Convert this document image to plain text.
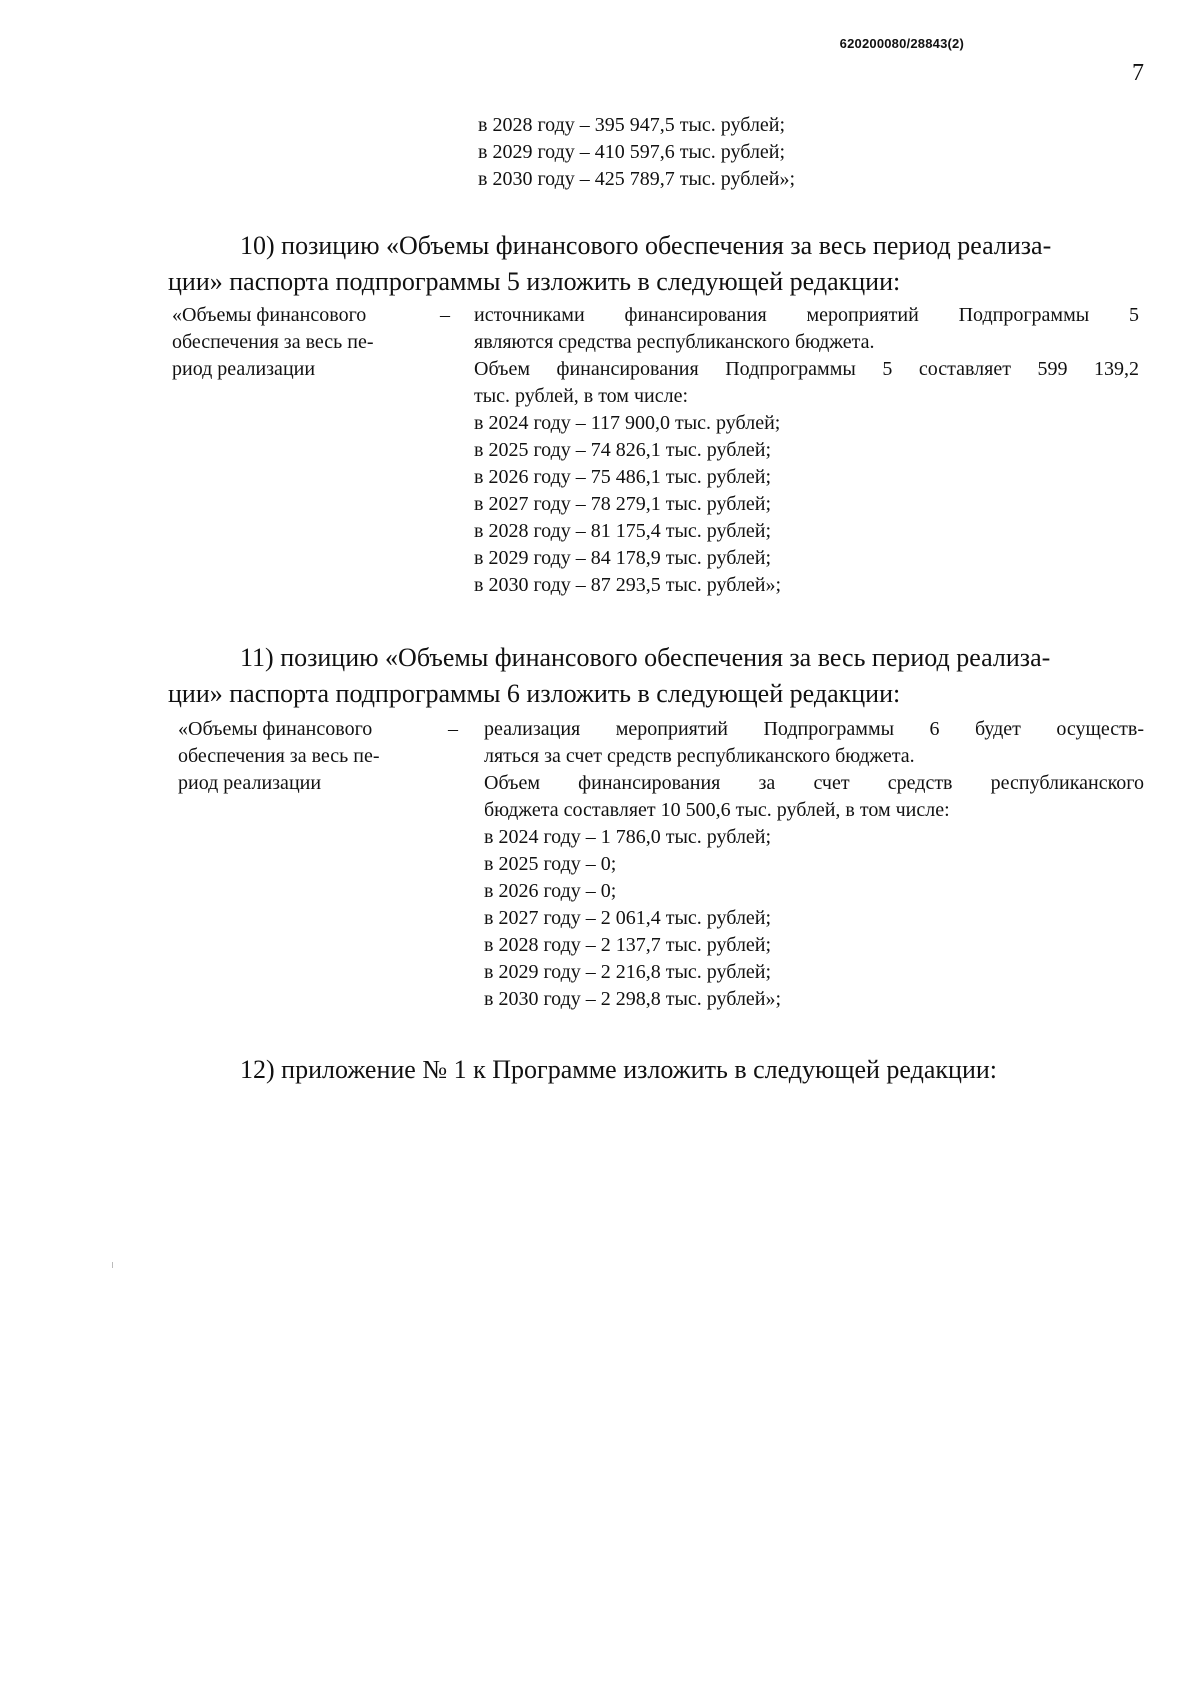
620200080/28843(2)
7
в 2028 году – 395 947,5 тыс. рублей;
в 2029 году – 410 597,6 тыс. рублей;
в 2030 году – 425 789,7 тыс. рублей»;
10) позицию «Объемы финансового обеспечения за весь период реализа-
ции» паспорта подпрограммы 5 изложить в следующей редакции:
«Объемы финансового
обеспечения за весь пе-
риод реализации
– источниками финансирования мероприятий Подпрограммы 5
являются средства республиканского бюджета.
Объем финансирования Подпрограммы 5 составляет 599 139,2
тыс. рублей, в том числе:
в 2024 году – 117 900,0 тыс. рублей;
в 2025 году – 74 826,1 тыс. рублей;
в 2026 году – 75 486,1 тыс. рублей;
в 2027 году – 78 279,1 тыс. рублей;
в 2028 году – 81 175,4 тыс. рублей;
в 2029 году – 84 178,9 тыс. рублей;
в 2030 году – 87 293,5 тыс. рублей»;
11) позицию «Объемы финансового обеспечения за весь период реализа-
ции» паспорта подпрограммы 6 изложить в следующей редакции:
«Объемы финансового
обеспечения за весь пе-
риод реализации
– реализация мероприятий Подпрограммы 6 будет осуществ-
ляться за счет средств республиканского бюджета.
Объем финансирования за счет средств республиканского
бюджета составляет 10 500,6 тыс. рублей, в том числе:
в 2024 году – 1 786,0 тыс. рублей;
в 2025 году – 0;
в 2026 году – 0;
в 2027 году – 2 061,4 тыс. рублей;
в 2028 году – 2 137,7 тыс. рублей;
в 2029 году – 2 216,8 тыс. рублей;
в 2030 году – 2 298,8 тыс. рублей»;
12) приложение № 1 к Программе изложить в следующей редакции:
